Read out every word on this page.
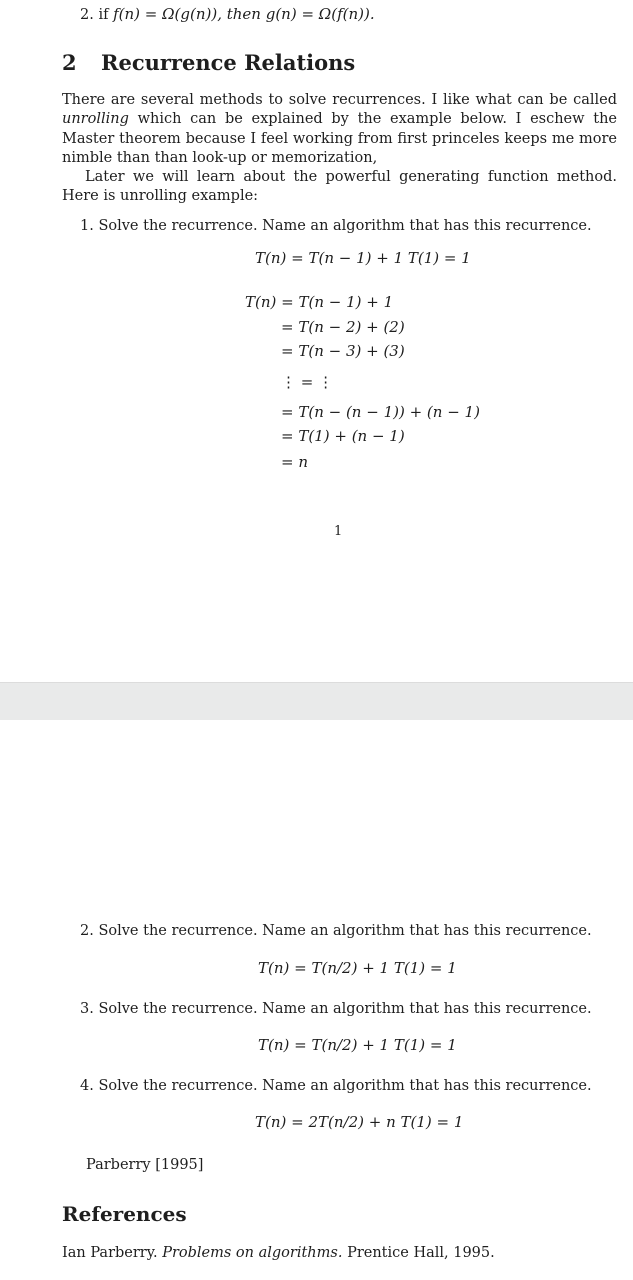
2. if f(n) = Ω(g(n)), then g(n) = Ω(f(n)).
2 Recurrence Relations
There are several methods to solve recurrences. I like what can be called unrolling which can be explained by the example below. I eschew the Master theorem because I feel working from first princeles keeps me more nimble than than look-up or memorization,
Later we will learn about the powerful generating function method. Here is unrolling example:
1. Solve the recurrence. Name an algorithm that has this recurrence.
T(n) = T(n − 1) + 1 T(1) = 1
T(n) = T(n − 1) + 1
= T(n − 2) + (2)
= T(n − 3) + (3)
⋮ = ⋮
= T(n − (n − 1)) + (n − 1)
= T(1) + (n − 1)
= n
1
2. Solve the recurrence. Name an algorithm that has this recurrence.
T(n) = T(n/2) + 1 T(1) = 1
3. Solve the recurrence. Name an algorithm that has this recurrence.
T(n) = T(n/2) + 1 T(1) = 1
4. Solve the recurrence. Name an algorithm that has this recurrence.
T(n) = 2T(n/2) + n T(1) = 1
Parberry [1995]
References
Ian Parberry. Problems on algorithms. Prentice Hall, 1995.
